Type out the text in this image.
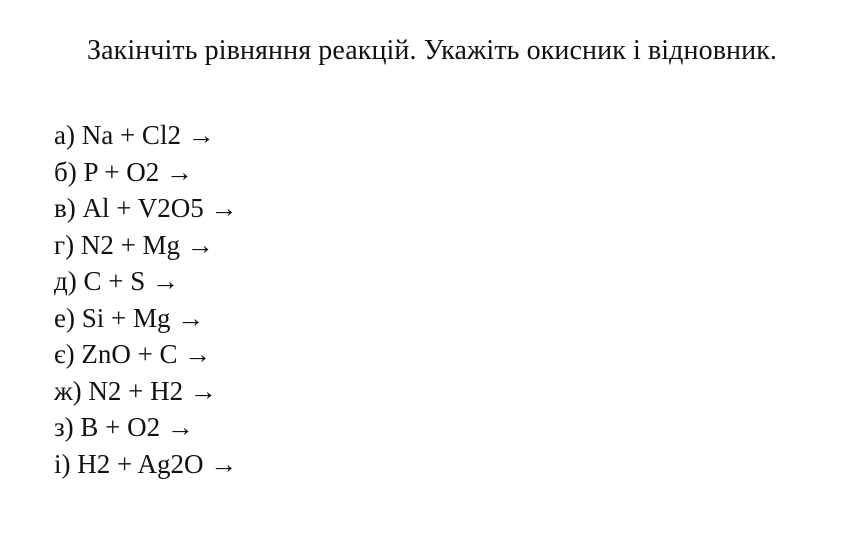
Закінчіть рівняння реакцій. Укажіть окисник і відновник.
а) Na + Cl2 →
б) P + O2 →
в) Al + V2O5 →
г) N2 + Mg →
д) C + S →
е) Si + Mg →
є) ZnO + C →
ж) N2 + H2 →
з) B + O2 →
і) H2 + Ag2O →
